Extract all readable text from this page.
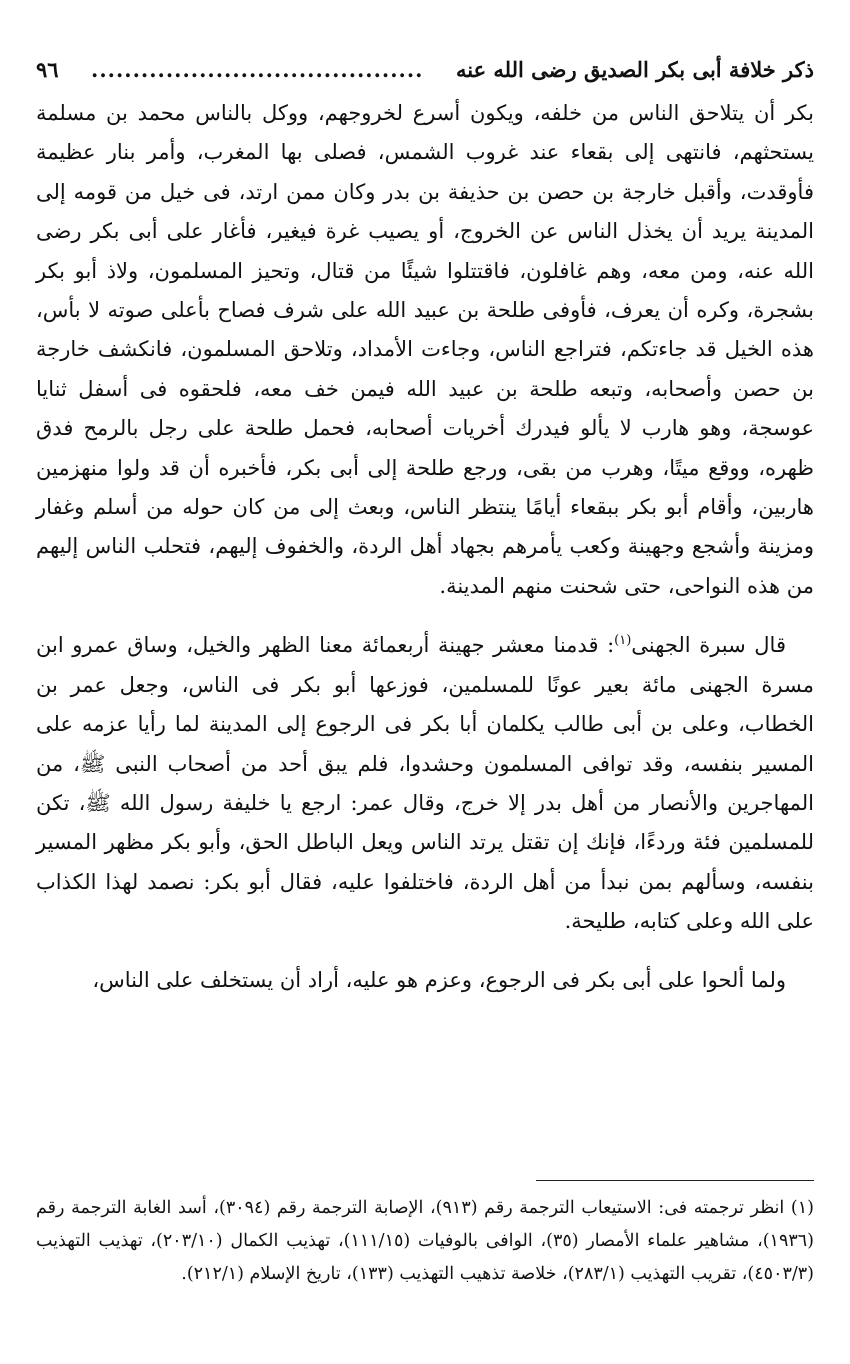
ذكر خلافة أبى بكر الصديق رضى الله عنه
........................................
٩٦

بكر أن يتلاحق الناس من خلفه، ويكون أسرع لخروجهم، ووكل بالناس محمد بن مسلمة يستحثهم، فانتهى إلى بقعاء عند غروب الشمس، فصلى بها المغرب، وأمر بنار عظيمة فأوقدت، وأقبل خارجة بن حصن بن حذيفة بن بدر وكان ممن ارتد، فى خيل من قومه إلى المدينة يريد أن يخذل الناس عن الخروج، أو يصيب غرة فيغير، فأغار على أبى بكر رضى الله عنه، ومن معه، وهم غافلون، فاقتتلوا شيئًا من قتال، وتحيز المسلمون، ولاذ أبو بكر بشجرة، وكره أن يعرف، فأوفى طلحة بن عبيد الله على شرف فصاح بأعلى صوته لا بأس، هذه الخيل قد جاءتكم، فتراجع الناس، وجاءت الأمداد، وتلاحق المسلمون، فانكشف خارجة بن حصن وأصحابه، وتبعه طلحة بن عبيد الله فيمن خف معه، فلحقوه فى أسفل ثنايا عوسجة، وهو هارب لا يألو فيدرك أخريات أصحابه، فحمل طلحة على رجل بالرمح فدق ظهره، ووقع ميتًا، وهرب من بقى، ورجع طلحة إلى أبى بكر، فأخبره أن قد ولوا منهزمين هاربين، وأقام أبو بكر ببقعاء أيامًا ينتظر الناس، وبعث إلى من كان حوله من أسلم وغفار ومزينة وأشجع وجهينة وكعب يأمرهم بجهاد أهل الردة، والخفوف إليهم، فتحلب الناس إليهم من هذه النواحى، حتى شحنت منهم المدينة.

قال سبرة الجهنى$^{(١)}$: قدمنا معشر جهينة أربعمائة معنا الظهر والخيل، وساق عمرو ابن مسرة الجهنى مائة بعير عونًا للمسلمين، فوزعها أبو بكر فى الناس، وجعل عمر بن الخطاب، وعلى بن أبى طالب يكلمان أبا بكر فى الرجوع إلى المدينة لما رأيا عزمه على المسير بنفسه، وقد توافى المسلمون وحشدوا، فلم يبق أحد من أصحاب النبى ﷺ، من المهاجرين والأنصار من أهل بدر إلا خرج، وقال عمر: ارجع يا خليفة رسول الله ﷺ، تكن للمسلمين فئة وردءًا، فإنك إن تقتل يرتد الناس ويعل الباطل الحق، وأبو بكر مظهر المسير بنفسه، وسألهم بمن نبدأ من أهل الردة، فاختلفوا عليه، فقال أبو بكر: نصمد لهذا الكذاب على الله وعلى كتابه، طليحة.

ولما ألحوا على أبى بكر فى الرجوع، وعزم هو عليه، أراد أن يستخلف على الناس،

(١) انظر ترجمته فى: الاستيعاب الترجمة رقم (٩١٣)، الإصابة الترجمة رقم (٣٠٩٤)، أسد الغابة الترجمة رقم (١٩٣٦)، مشاهير علماء الأمصار (٣٥)، الوافى بالوفيات (١١١/١٥)، تهذيب الكمال (٢٠٣/١٠)، تهذيب التهذيب (٤٥٠٣/٣)، تقريب التهذيب (٢٨٣/١)، خلاصة تذهيب التهذيب (١٣٣)، تاريخ الإسلام (٢١٢/١).
